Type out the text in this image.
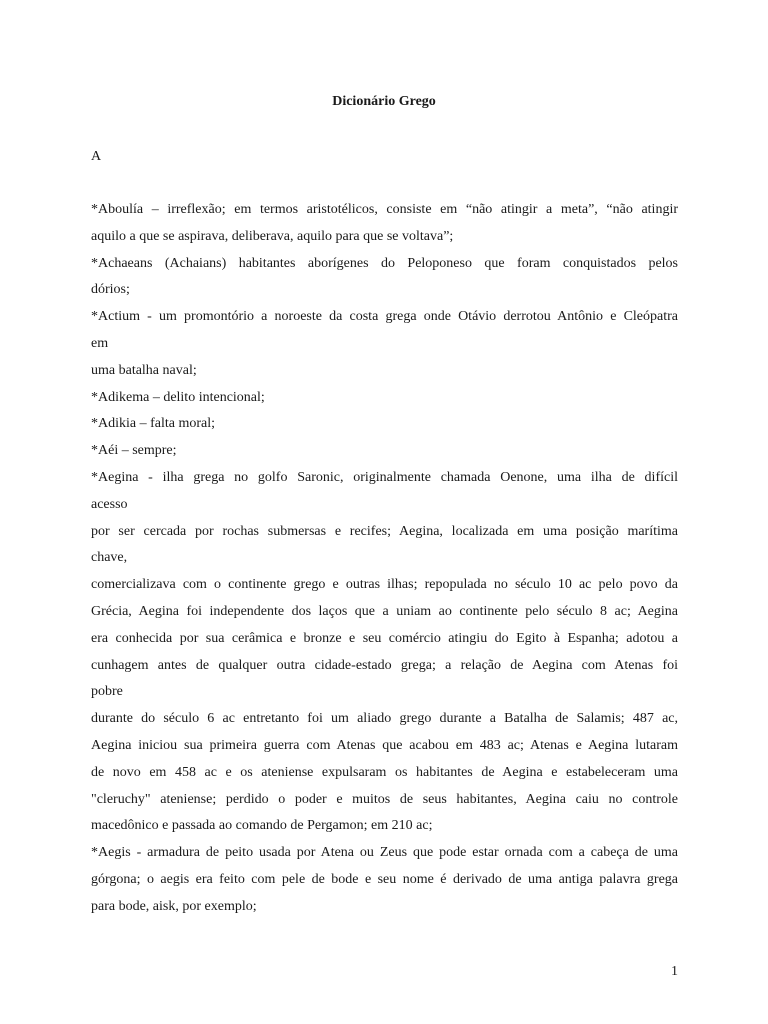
Dicionário Grego
A
*Aboulía – irreflexão; em termos aristotélicos, consiste em “não atingir a meta”, “não atingir
aquilo a que se aspirava, deliberava, aquilo para que se voltava”;
*Achaeans (Achaians) habitantes aborígenes do Peloponeso que foram conquistados pelos
dórios;
*Actium - um promontório a noroeste da costa grega onde Otávio derrotou Antônio e Cleópatra
em
uma batalha naval;
*Adikema – delito intencional;
*Adikia – falta moral;
*Aéi – sempre;
*Aegina - ilha grega no golfo Saronic, originalmente chamada Oenone, uma ilha de difícil
acesso
por ser cercada por rochas submersas e recifes; Aegina, localizada em uma posição marítima
chave,
comercializava com o continente grego e outras ilhas; repopulada no século 10 ac pelo povo da
Grécia, Aegina foi independente dos laços que a uniam ao continente pelo século 8 ac; Aegina
era conhecida por sua cerâmica e bronze e seu comércio atingiu do Egito à Espanha; adotou a
cunhagem antes de qualquer outra cidade-estado grega; a relação de Aegina com Atenas foi
pobre
durante do século 6 ac entretanto foi um aliado grego durante a Batalha de Salamis; 487 ac,
Aegina iniciou sua primeira guerra com Atenas que acabou em 483 ac; Atenas e Aegina lutaram
de novo em 458 ac e os ateniense expulsaram os habitantes de Aegina e estabeleceram uma
"cleruchy" ateniense; perdido o poder e muitos de seus habitantes, Aegina caiu no controle
macedônico e passada ao comando de Pergamon; em 210 ac;
*Aegis - armadura de peito usada por Atena ou Zeus que pode estar ornada com a cabeça de uma
górgona; o aegis era feito com pele de bode e seu nome é derivado de uma antiga palavra grega
para bode, aisk, por exemplo;
1
